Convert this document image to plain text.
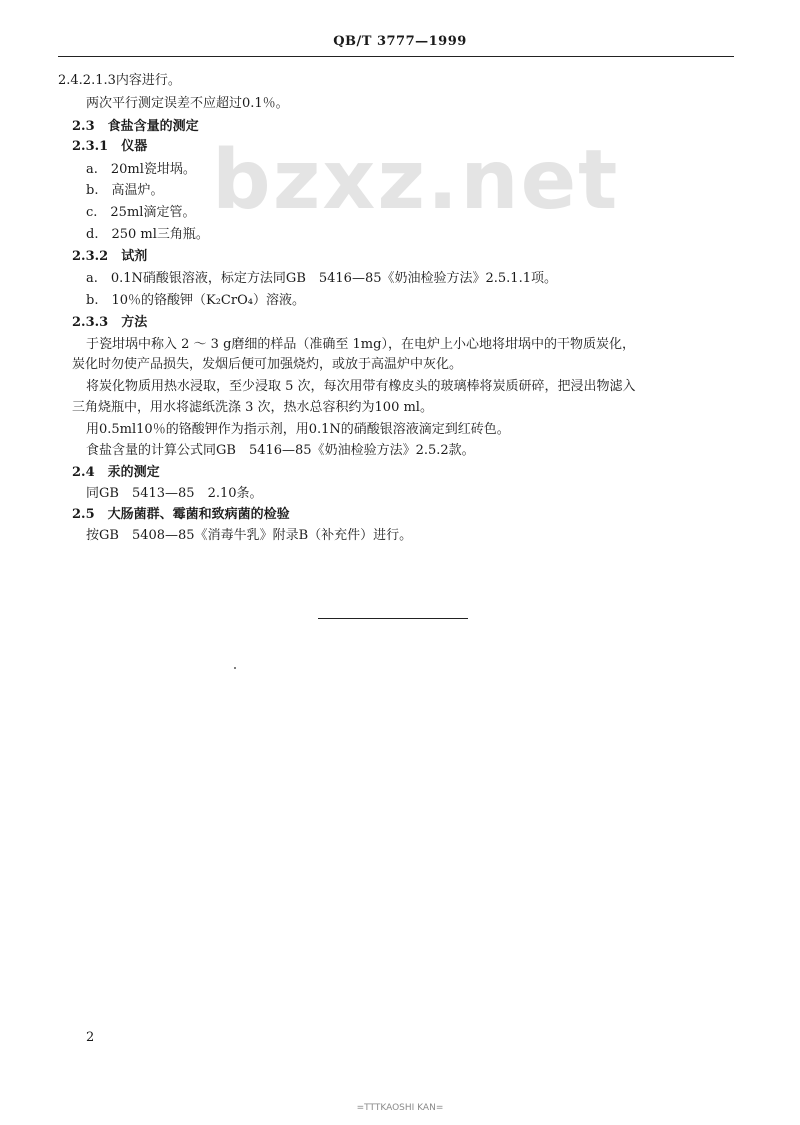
QB/T 3777—1999
bzxz.net
2.4.2.1.3内容进行。
两次平行测定误差不应超过0.1％。
2.3　食盐含量的测定
2.3.1　仪器
a.　20ml瓷坩埚。
b.　高温炉。
c.　25ml滴定管。
d.　250 ml三角瓶。
2.3.2　试剂
a.　0.1N硝酸银溶液，标定方法同GB　5416—85《奶油检验方法》2.5.1.1项。
b.　10％的铬酸钾（K₂CrO₄）溶液。
2.3.3　方法
于瓷坩埚中称入 2 ～ 3 g磨细的样品（准确至 1mg），在电炉上小心地将坩埚中的干物质炭化，
炭化时勿使产品损失，发烟后便可加强烧灼，或放于高温炉中灰化。
将炭化物质用热水浸取，至少浸取 5 次，每次用带有橡皮头的玻璃棒将炭质研碎，把浸出物滤入
三角烧瓶中，用水将滤纸洗涤 3 次，热水总容积约为100 ml。
用0.5ml10％的铬酸钾作为指示剂，用0.1N的硝酸银溶液滴定到红砖色。
食盐含量的计算公式同GB　5416—85《奶油检验方法》2.5.2款。
2.4　汞的测定
同GB　5413—85　2.10条。
2.5　大肠菌群、霉菌和致病菌的检验
按GB　5408—85《消毒牛乳》附录B（补充件）进行。
2
=TTTKAOSHI KAN=
